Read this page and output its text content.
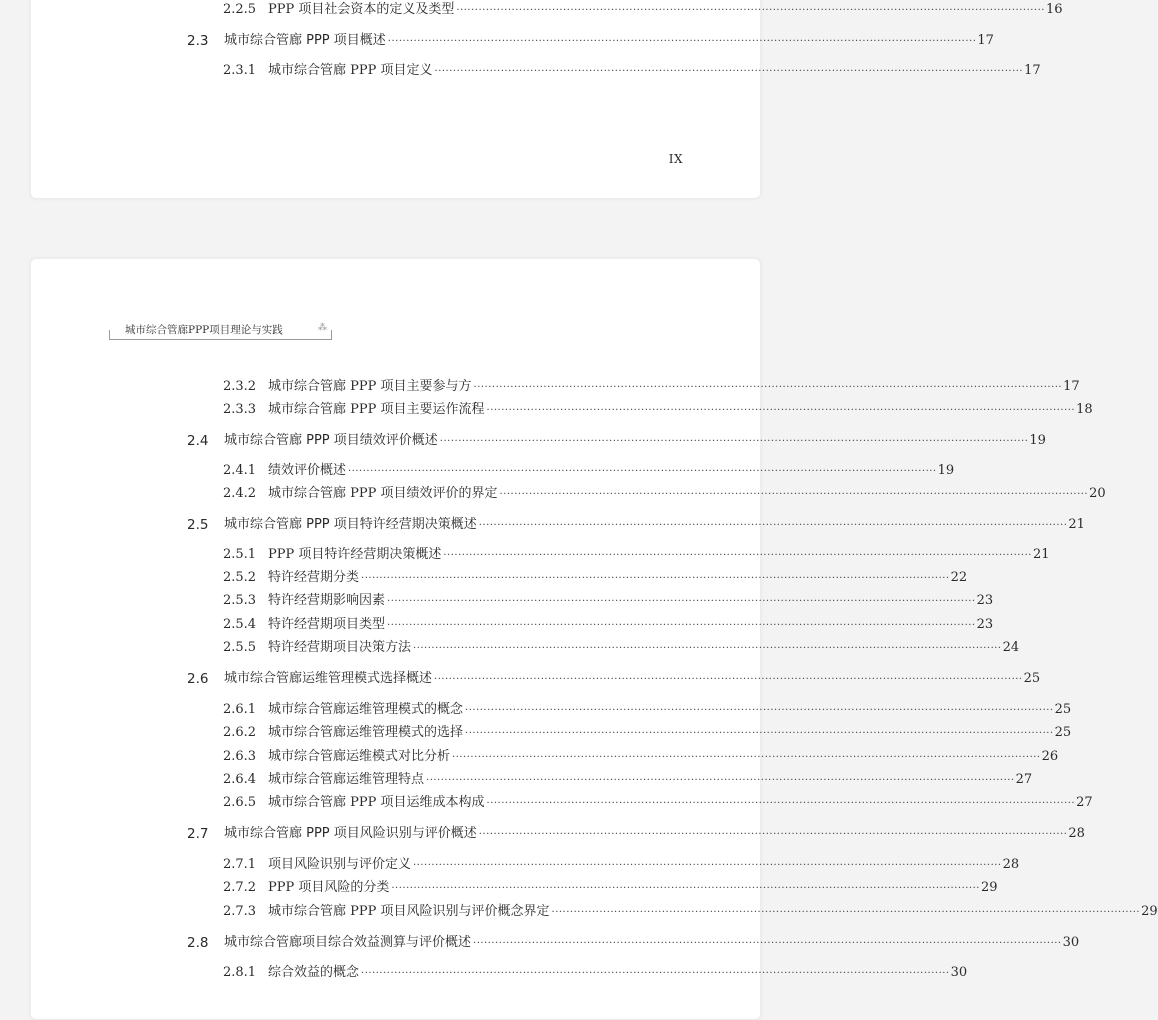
IX
2.2.5 PPP 项目社会资本的定义及类型 ································································································································································ 16
2.3 城市综合管廊 PPP 项目概述 ································································································································································ 17
2.3.1 城市综合管廊 PPP 项目定义 ································································································································································ 17
城市综合管廊PPP项目理论与实践	⁂
2.3.2 城市综合管廊 PPP 项目主要参与方 ································································································································································ 17
2.3.3 城市综合管廊 PPP 项目主要运作流程 ································································································································································ 18
2.4 城市综合管廊 PPP 项目绩效评价概述 ································································································································································ 19
2.4.1 绩效评价概述 ································································································································································ 19
2.4.2 城市综合管廊 PPP 项目绩效评价的界定 ································································································································································ 20
2.5 城市综合管廊 PPP 项目特许经营期决策概述 ································································································································································ 21
2.5.1 PPP 项目特许经营期决策概述 ································································································································································ 21
2.5.2 特许经营期分类 ································································································································································ 22
2.5.3 特许经营期影响因素 ································································································································································ 23
2.5.4 特许经营期项目类型 ································································································································································ 23
2.5.5 特许经营期项目决策方法 ································································································································································ 24
2.6 城市综合管廊运维管理模式选择概述 ································································································································································ 25
2.6.1 城市综合管廊运维管理模式的概念 ································································································································································ 25
2.6.2 城市综合管廊运维管理模式的选择 ································································································································································ 25
2.6.3 城市综合管廊运维模式对比分析 ································································································································································ 26
2.6.4 城市综合管廊运维管理特点 ································································································································································ 27
2.6.5 城市综合管廊 PPP 项目运维成本构成 ································································································································································ 27
2.7 城市综合管廊 PPP 项目风险识别与评价概述 ································································································································································ 28
2.7.1 项目风险识别与评价定义 ································································································································································ 28
2.7.2 PPP 项目风险的分类 ································································································································································ 29
2.7.3 城市综合管廊 PPP 项目风险识别与评价概念界定 ································································································································································ 29
2.8 城市综合管廊项目综合效益测算与评价概述 ································································································································································ 30
2.8.1 综合效益的概念 ································································································································································ 30
